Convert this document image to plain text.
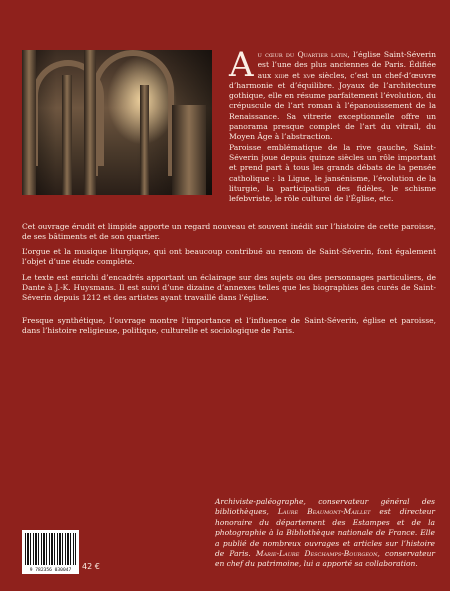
Au cœur du Quartier latin, l’église Saint-Séverin est l’une des plus anciennes de Paris. Édifiée aux xiiie et xve siècles, c’est un chef-d’œuvre d’harmonie et d’équilibre. Joyaux de l’architecture gothique, elle en résume parfaitement l’évolution, du crépuscule de l’art roman à l’épanouissement de la Renaissance. Sa vitrerie exceptionnelle offre un panorama presque complet de l’art du vitrail, du Moyen Âge à l’abstraction.

Paroisse emblématique de la rive gauche, Saint-Séverin joue depuis quinze siècles un rôle important et prend part à tous les grands débats de la pensée catholique : la Ligue, le jansénisme, l’évolution de la liturgie, la participation des fidèles, le schisme lefebvriste, le rôle culturel de l’Église, etc.

Cet ouvrage érudit et limpide apporte un regard nouveau et souvent inédit sur l’histoire de cette paroisse, de ses bâtiments et de son quartier.

L’orgue et la musique liturgique, qui ont beaucoup contribué au renom de Saint-Séverin, font également l’objet d’une étude complète.

Le texte est enrichi d’encadrés apportant un éclairage sur des sujets ou des personnages particuliers, de Dante à J.-K. Huysmans. Il est suivi d’une dizaine d’annexes telles que les biographies des curés de Saint-Séverin depuis 1212 et des artistes ayant travaillé dans l’église.

Fresque synthétique, l’ouvrage montre l’importance et l’influence de Saint-Séverin, église et paroisse, dans l’histoire religieuse, politique, culturelle et sociologique de Paris.

Archiviste-paléographe, conservateur général des bibliothèques, Laure Beaumont-Maillet est directeur honoraire du département des Estampes et de la photographie à la Bibliothèque nationale de France. Elle a publié de nombreux ouvrages et articles sur l’histoire de Paris. Marie-Laure Deschamps-Bourgeon, conservateur en chef du patrimoine, lui a apporté sa collaboration.
9 782356 030047	42 €
